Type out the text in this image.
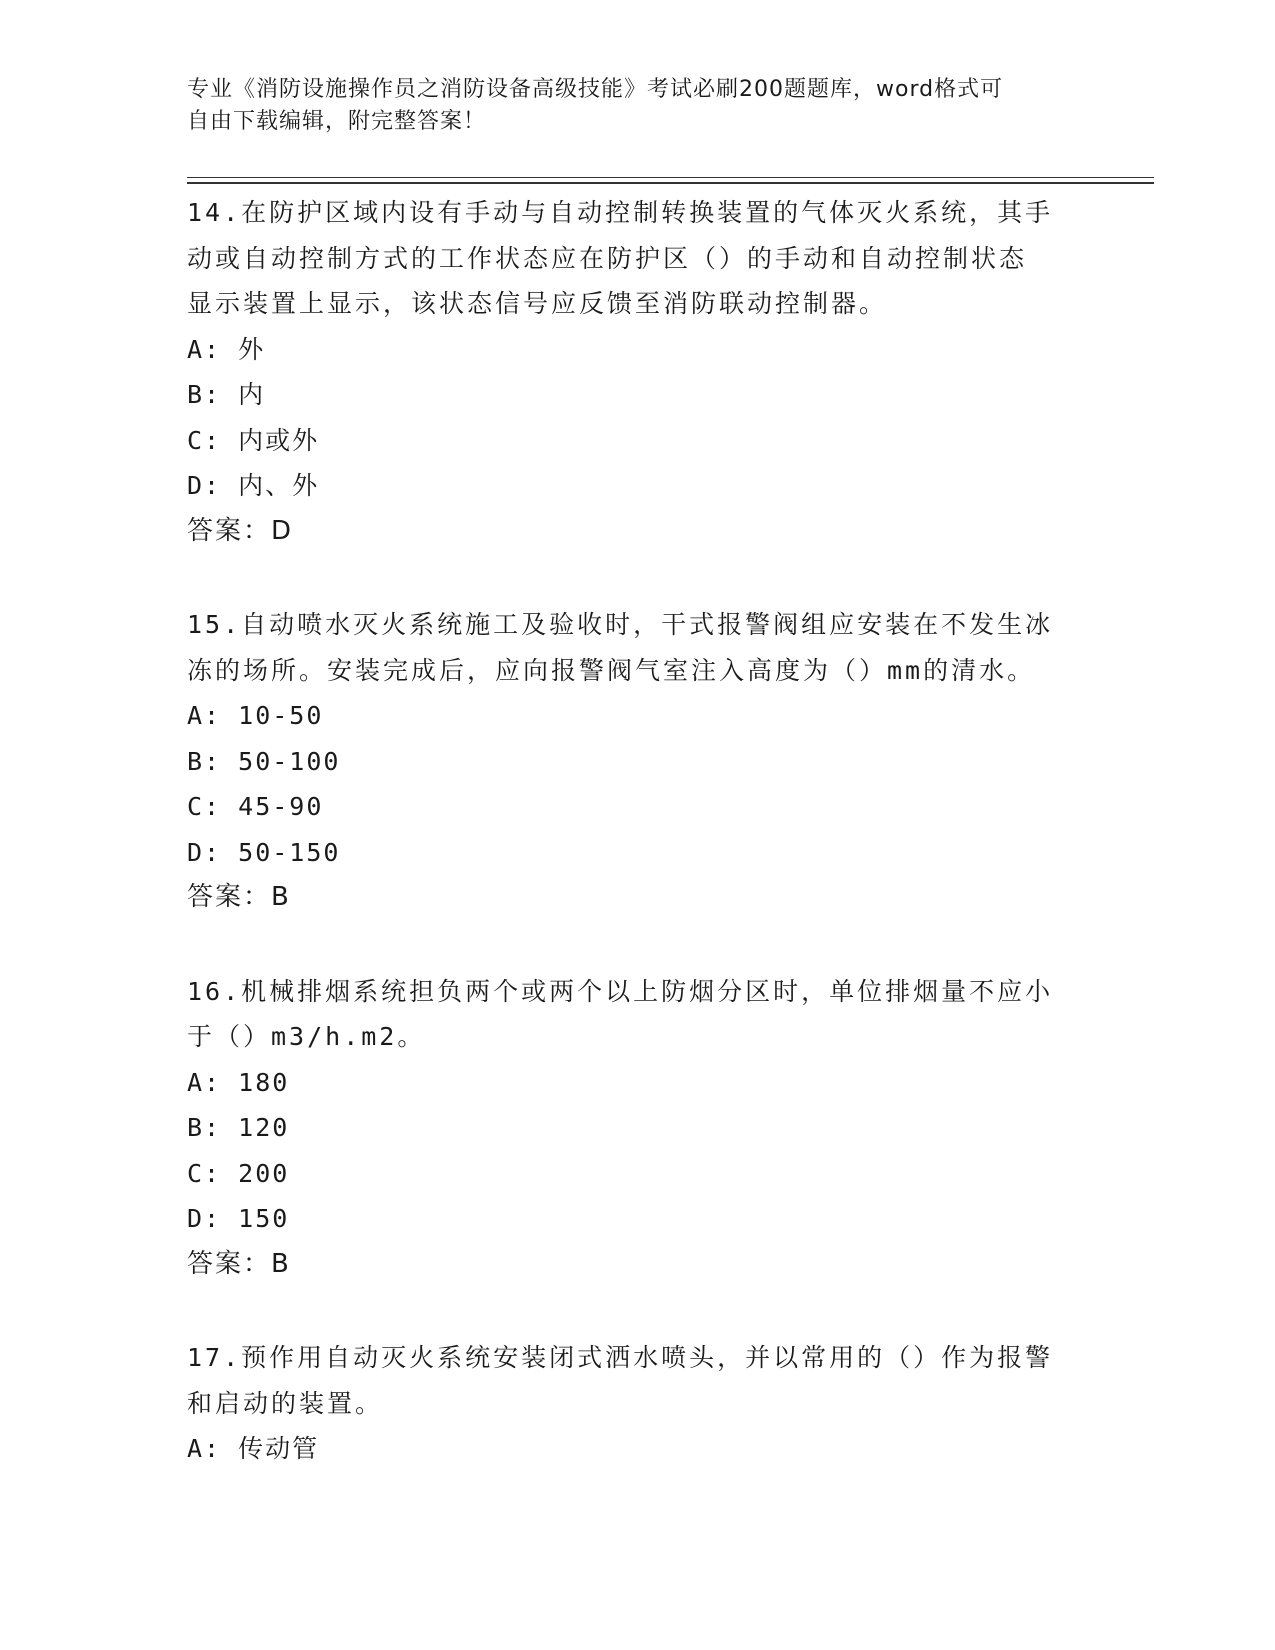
专业《消防设施操作员之消防设备高级技能》考试必刷200题题库，word格式可
自由下载编辑，附完整答案！
14.在防护区域内设有手动与自动控制转换装置的气体灭火系统，其手
动或自动控制方式的工作状态应在防护区（）的手动和自动控制状态
显示装置上显示，该状态信号应反馈至消防联动控制器。
A: 外
B: 内
C: 内或外
D: 内、外
答案：D
15.自动喷水灭火系统施工及验收时，干式报警阀组应安装在不发生冰
冻的场所。安装完成后，应向报警阀气室注入高度为（）mm的清水。
A: 10-50
B: 50-100
C: 45-90
D: 50-150
答案：B
16.机械排烟系统担负两个或两个以上防烟分区时，单位排烟量不应小
于（）m3/h.m2。
A: 180
B: 120
C: 200
D: 150
答案：B
17.预作用自动灭火系统安装闭式洒水喷头，并以常用的（）作为报警
和启动的装置。
A: 传动管
